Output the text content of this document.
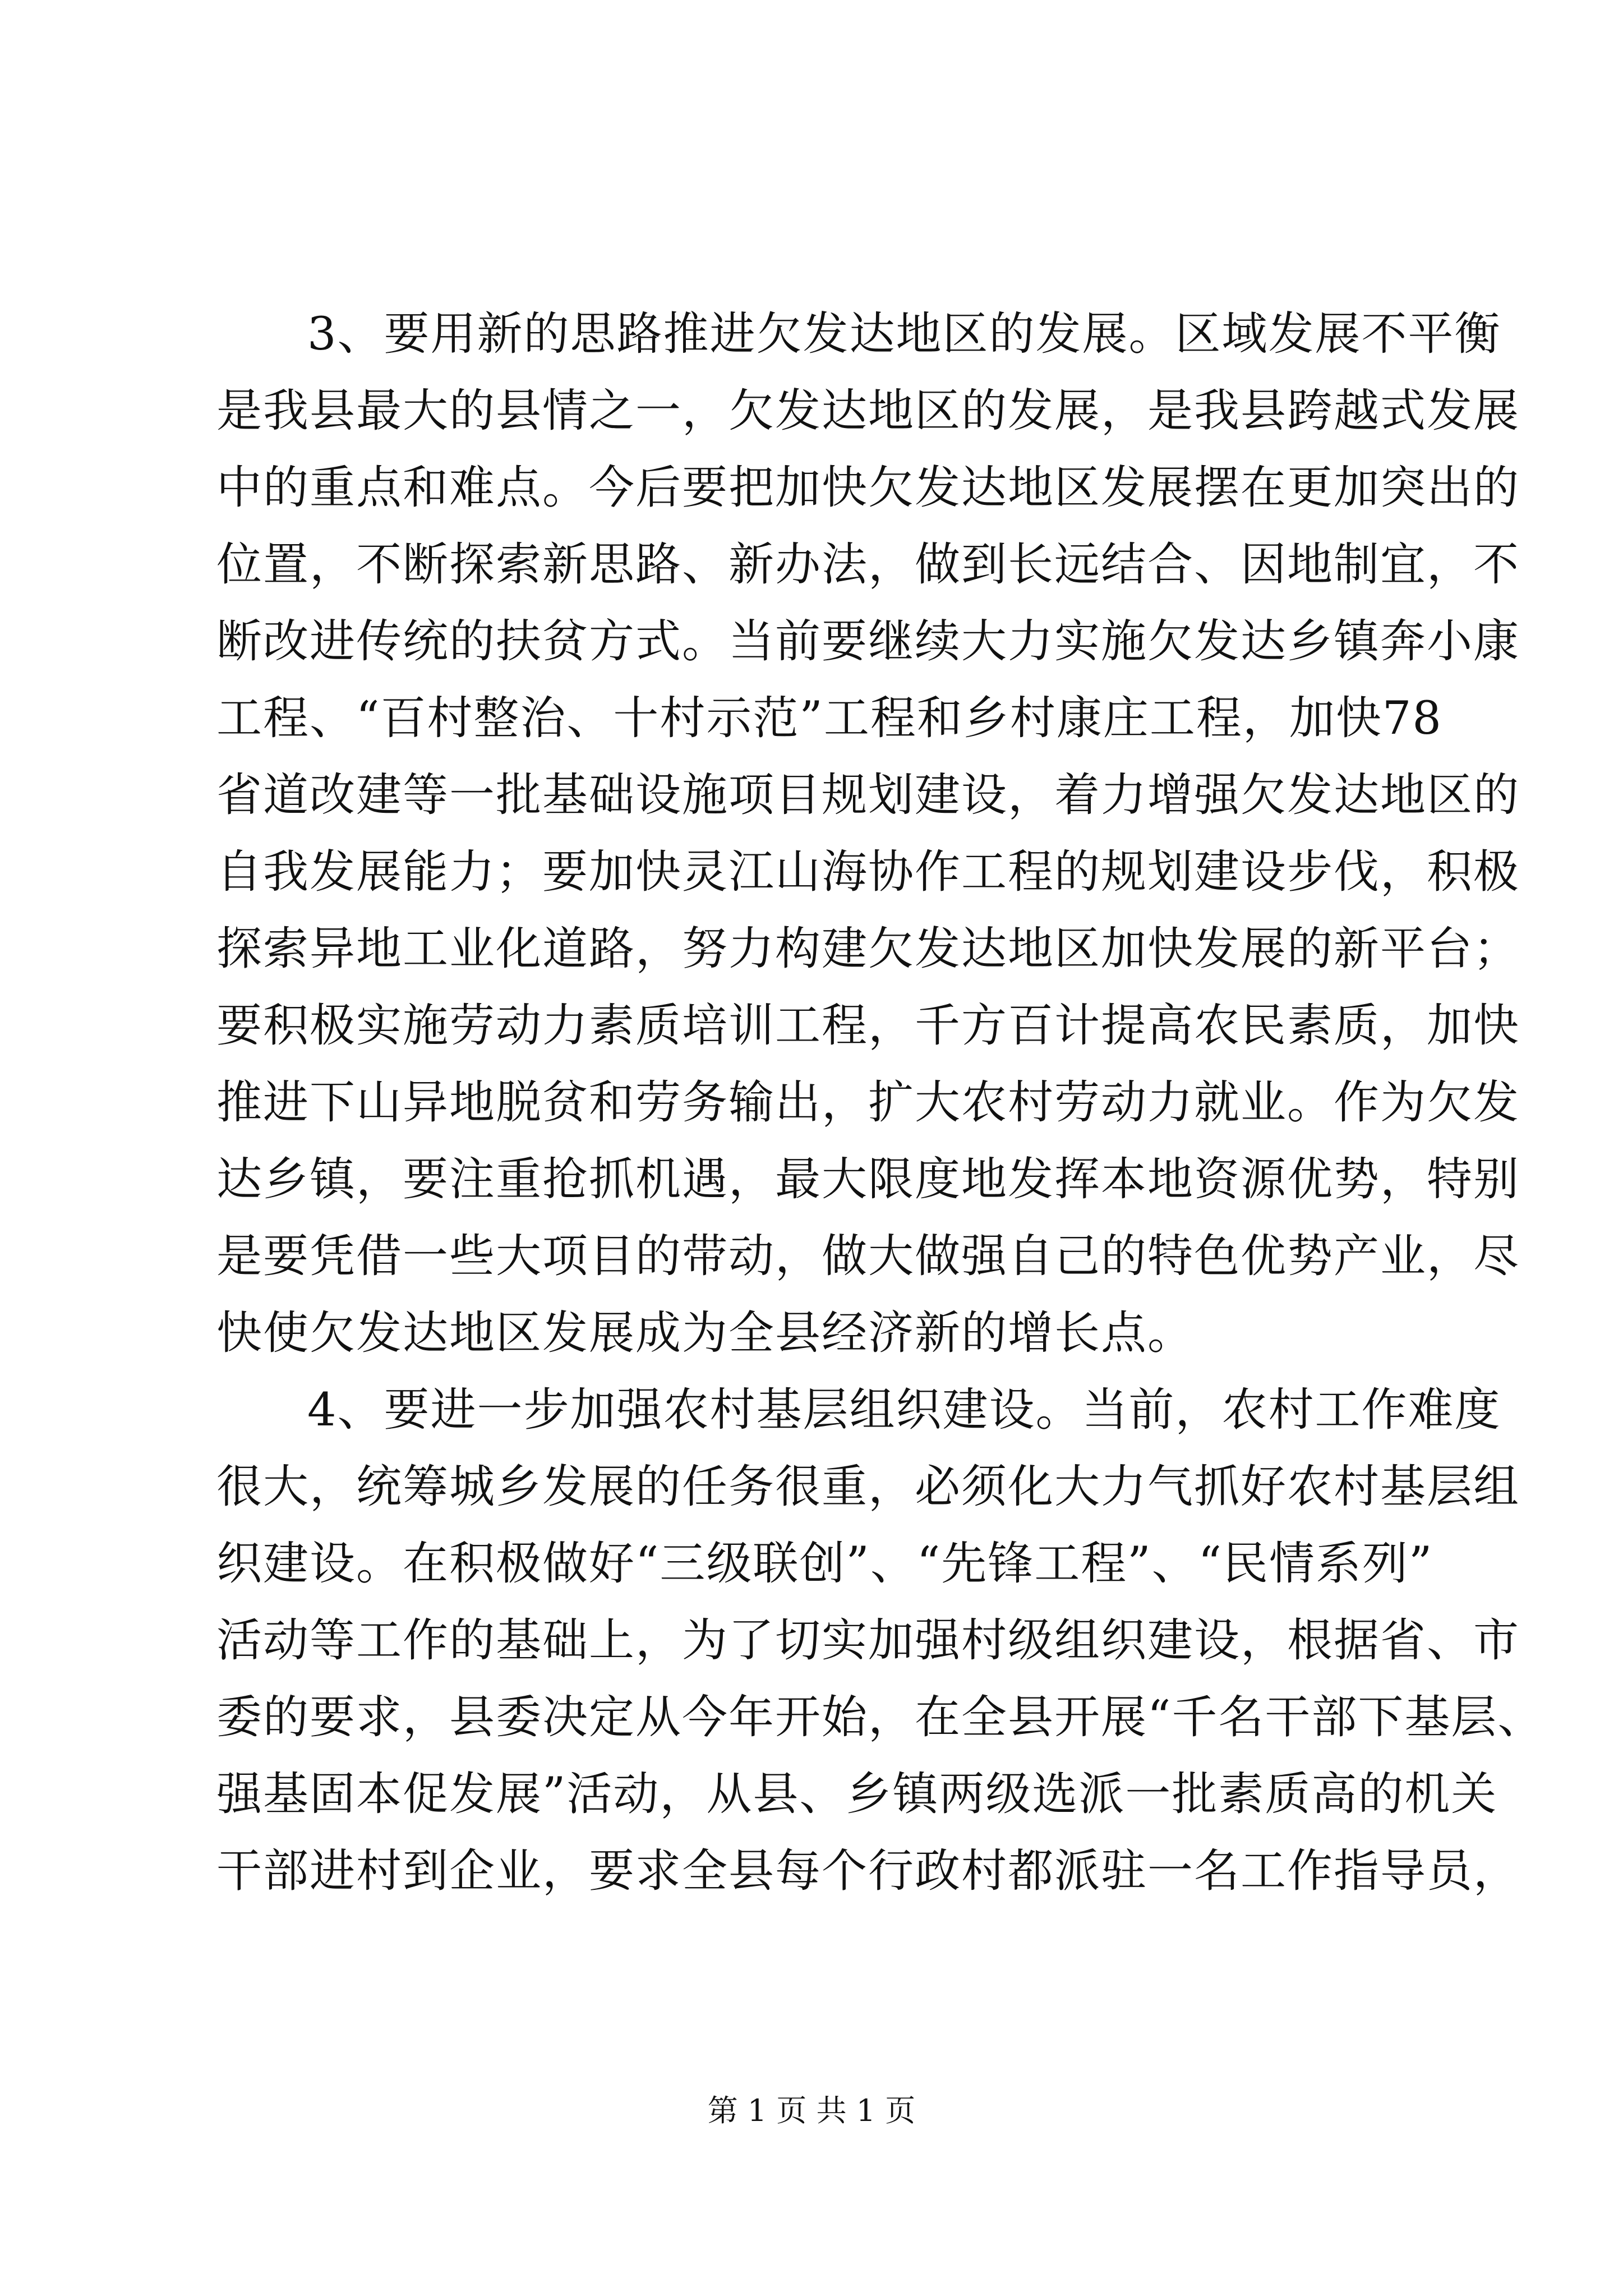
3、要用新的思路推进欠发达地区的发展。区域发展不平衡
是我县最大的县情之一，欠发达地区的发展，是我县跨越式发展
中的重点和难点。今后要把加快欠发达地区发展摆在更加突出的
位置，不断探索新思路、新办法，做到长远结合、因地制宜，不
断改进传统的扶贫方式。当前要继续大力实施欠发达乡镇奔小康
工程、“百村整治、十村示范”工程和乡村康庄工程，加快78
省道改建等一批基础设施项目规划建设，着力增强欠发达地区的
自我发展能力；要加快灵江山海协作工程的规划建设步伐，积极
探索异地工业化道路，努力构建欠发达地区加快发展的新平台；
要积极实施劳动力素质培训工程，千方百计提高农民素质，加快
推进下山异地脱贫和劳务输出，扩大农村劳动力就业。作为欠发
达乡镇，要注重抢抓机遇，最大限度地发挥本地资源优势，特别
是要凭借一些大项目的带动，做大做强自己的特色优势产业，尽
快使欠发达地区发展成为全县经济新的增长点。
4、要进一步加强农村基层组织建设。当前，农村工作难度
很大，统筹城乡发展的任务很重，必须化大力气抓好农村基层组
织建设。在积极做好“三级联创”、“先锋工程”、“民情系列”
活动等工作的基础上，为了切实加强村级组织建设，根据省、市
委的要求，县委决定从今年开始，在全县开展“千名干部下基层、
强基固本促发展”活动，从县、乡镇两级选派一批素质高的机关
干部进村到企业，要求全县每个行政村都派驻一名工作指导员，
第 1 页 共 1 页
